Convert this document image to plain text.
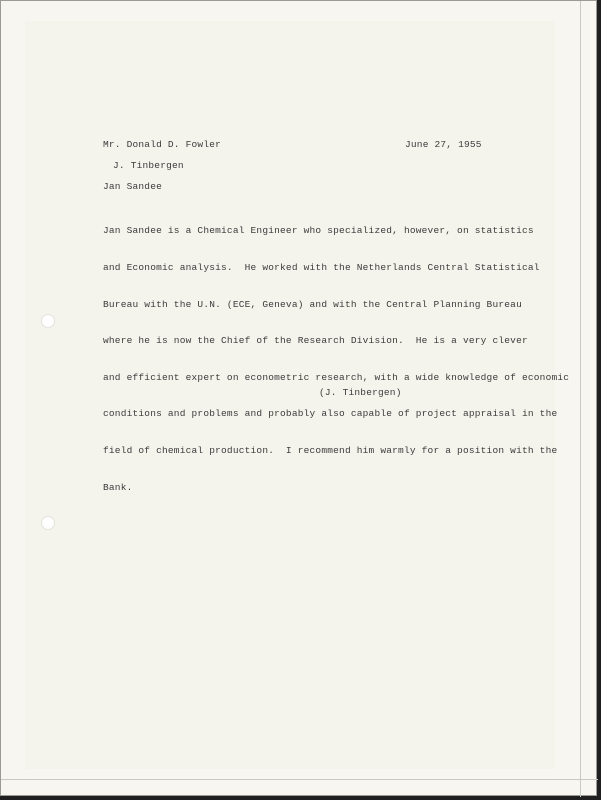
Mr. Donald D. Fowler	June 27, 1955
J. Tinbergen
Jan Sandee

Jan Sandee is a Chemical Engineer who specialized, however, on statistics

and Economic analysis.  He worked with the Netherlands Central Statistical

Bureau with the U.N. (ECE, Geneva) and with the Central Planning Bureau

where he is now the Chief of the Research Division.  He is a very clever

and efficient expert on econometric research, with a wide knowledge of economic

conditions and problems and probably also capable of project appraisal in the

field of chemical production.  I recommend him warmly for a position with the

Bank.

(J. Tinbergen)
